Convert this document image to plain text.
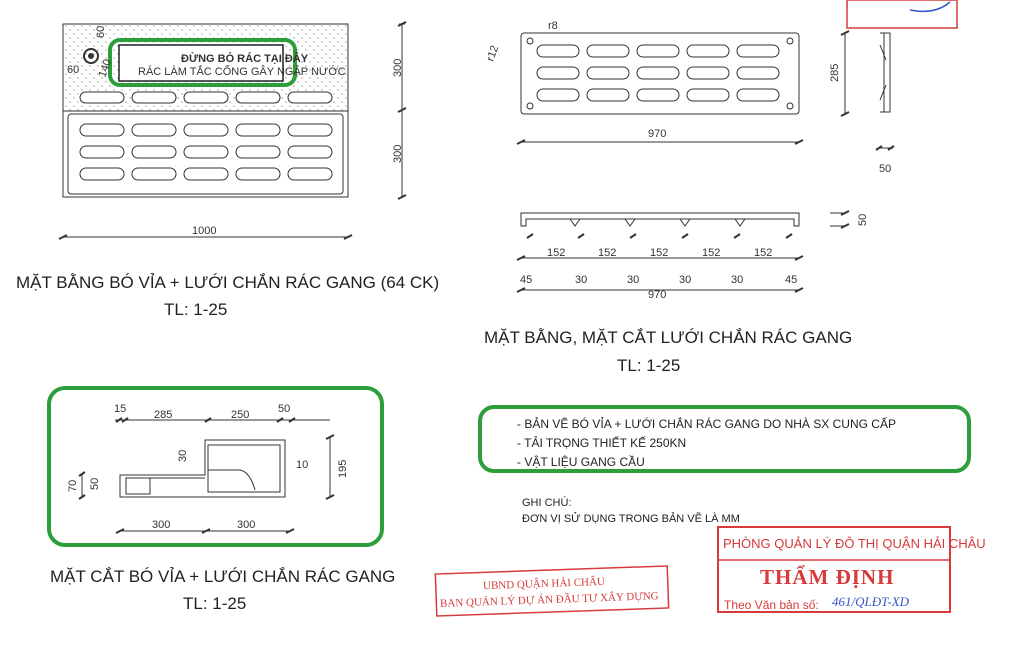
ĐỪNG BỎ RÁC TẠI ĐÂY
RÁC LÀM TẮC CỐNG GÂY NGẬP NƯỚC
60
60
140	300
300
1000
r8
r12
285
970
50
50
152	152	152	152	152
45	30	30	30	30	45
970
15	285	250	50
30
10	195
70 50
300	300
MẶT BẰNG BÓ VỈA + LƯỚI CHẮN RÁC GANG (64 CK)
TL: 1-25
MẶT BẰNG, MẶT CẮT LƯỚI CHẮN RÁC GANG
TL: 1-25
MẶT CẮT BÓ VỈA + LƯỚI CHẮN RÁC GANG
TL: 1-25
- BẢN VẼ BÓ VỈA + LƯỚI CHẮN RÁC GANG DO NHÀ SX CUNG CẤP
- TẢI TRỌNG THIẾT KẾ 250KN
- VẬT LIỆU GANG CẦU
GHI CHÚ:
ĐƠN VỊ SỬ DỤNG TRONG BẢN VẼ LÀ MM
UBND QUẬN HẢI CHÂU
BAN QUẢN LÝ DỰ ÁN ĐẦU TƯ XÂY DỰNG
PHÒNG QUẢN LÝ ĐÔ THỊ QUẬN HẢI CHÂU
THẨM ĐỊNH
Theo Văn bản số: 461/QLĐT-XD
